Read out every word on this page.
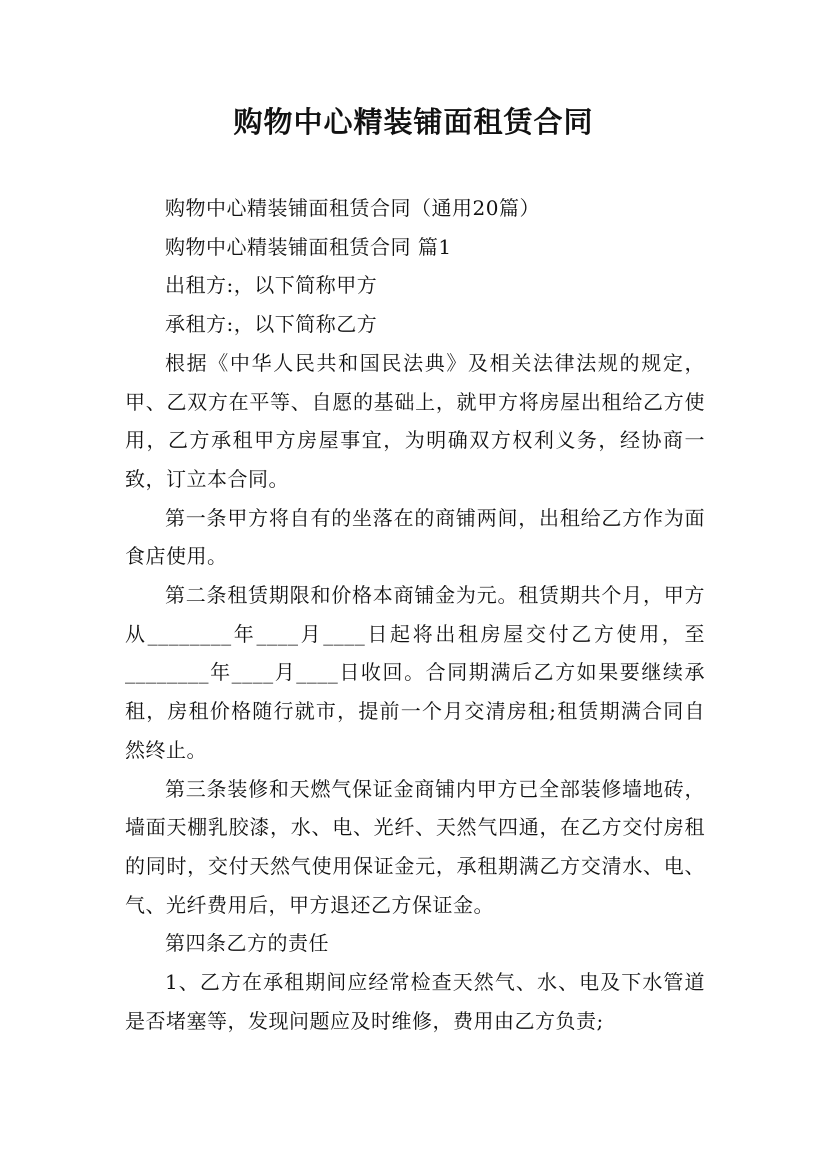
购物中心精装铺面租赁合同

购物中心精装铺面租赁合同（通用20篇）

购物中心精装铺面租赁合同 篇1

出租方:，以下简称甲方

承租方:，以下简称乙方

根据《中华人民共和国民法典》及相关法律法规的规定，甲、乙双方在平等、自愿的基础上，就甲方将房屋出租给乙方使用，乙方承租甲方房屋事宜，为明确双方权利义务，经协商一致，订立本合同。

第一条甲方将自有的坐落在的商铺两间，出租给乙方作为面食店使用。

第二条租赁期限和价格本商铺金为元。租赁期共个月，甲方从________年____月____日起将出租房屋交付乙方使用，至________年____月____日收回。合同期满后乙方如果要继续承租，房租价格随行就市，提前一个月交清房租;租赁期满合同自然终止。

第三条装修和天燃气保证金商铺内甲方已全部装修墙地砖，墙面天棚乳胶漆，水、电、光纤、天然气四通，在乙方交付房租的同时，交付天然气使用保证金元，承租期满乙方交清水、电、气、光纤费用后，甲方退还乙方保证金。

第四条乙方的责任

1、乙方在承租期间应经常检查天然气、水、电及下水管道是否堵塞等，发现问题应及时维修，费用由乙方负责;
